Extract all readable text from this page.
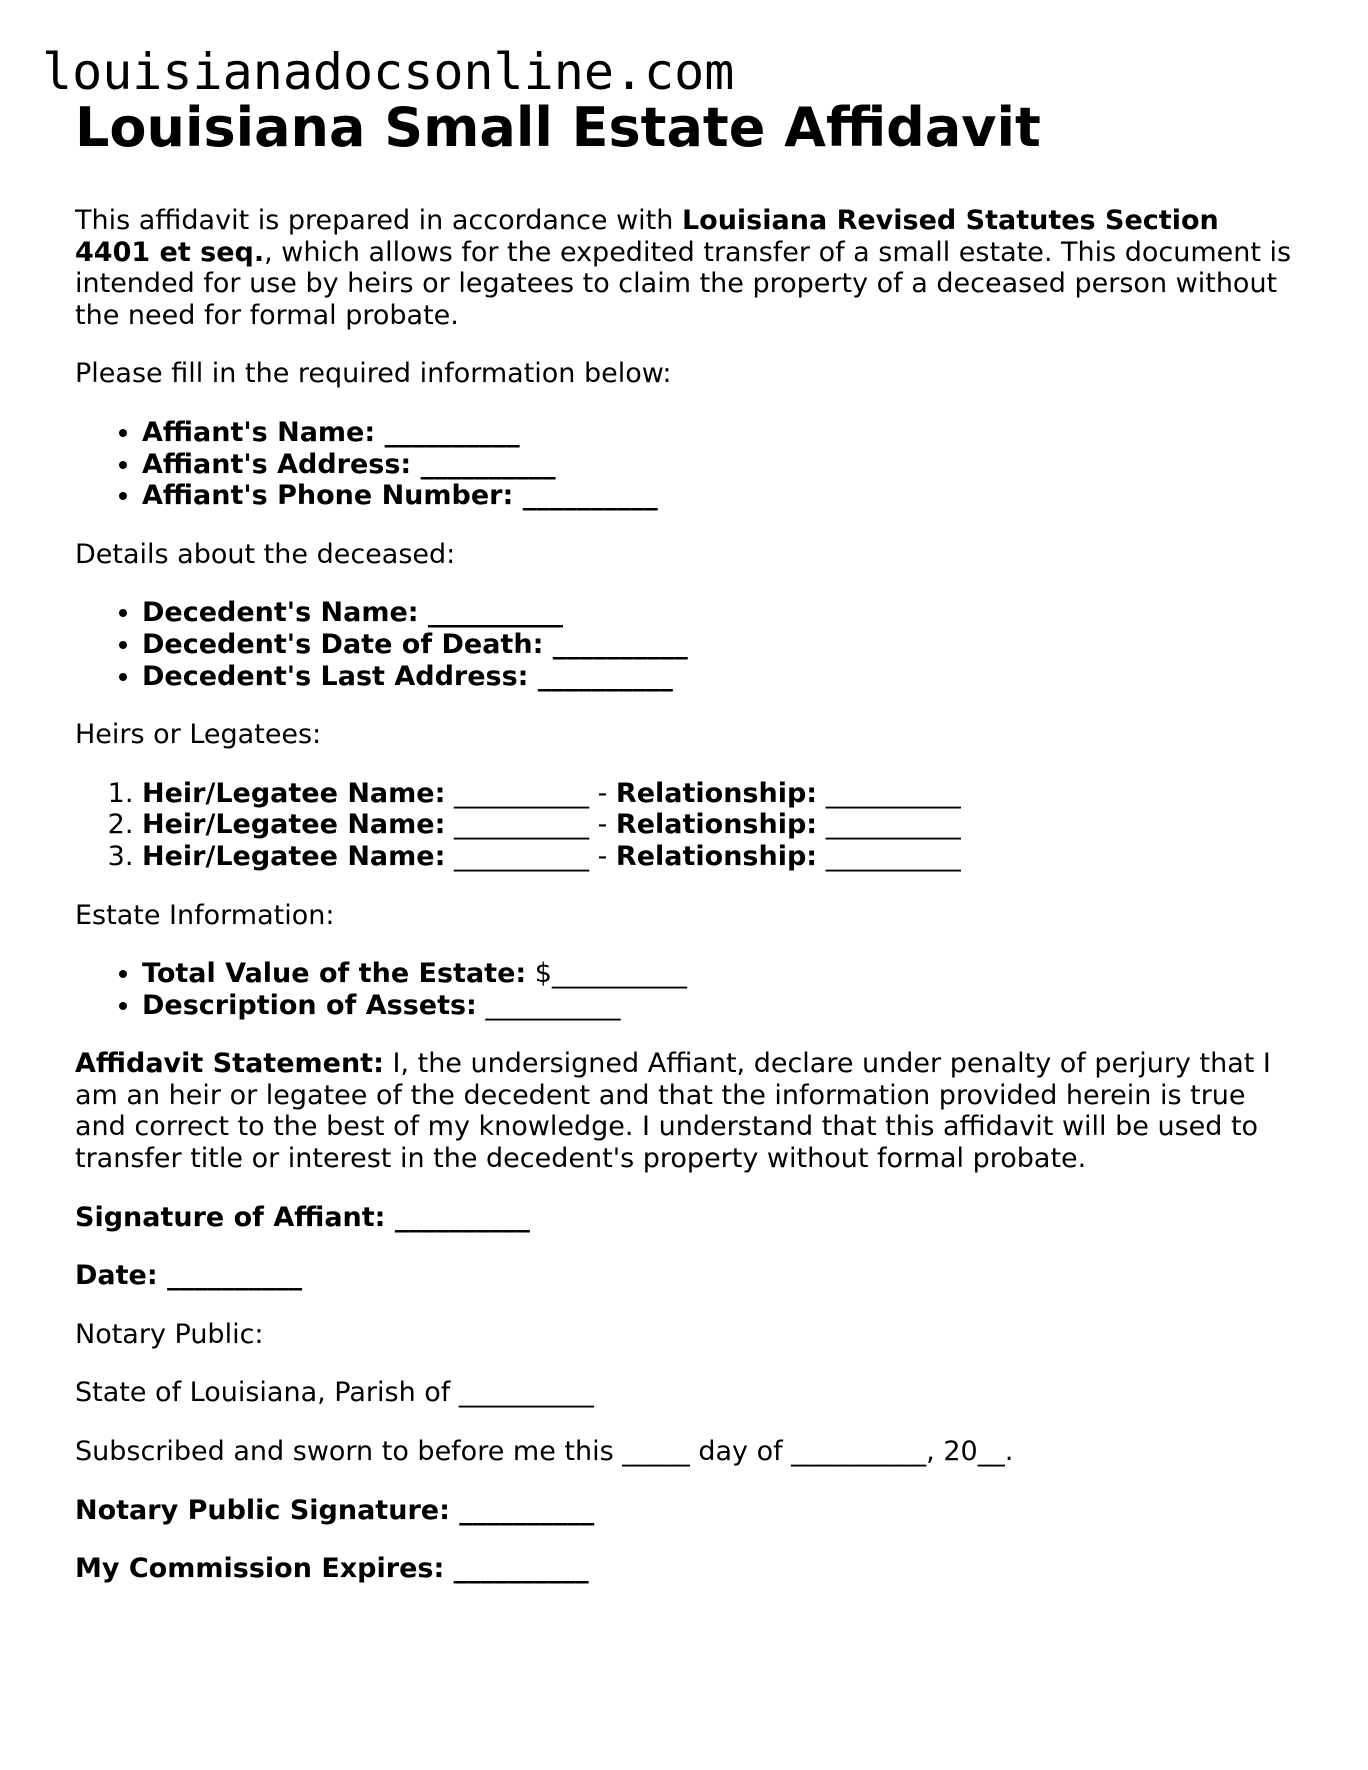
louisianadocsonline.com
Louisiana Small Estate Affidavit

This affidavit is prepared in accordance with Louisiana Revised Statutes Section 4401 et seq., which allows for the expedited transfer of a small estate. This document is intended for use by heirs or legatees to claim the property of a deceased person without the need for formal probate.

Please fill in the required information below:

• Affiant's Name: __________
• Affiant's Address: __________
• Affiant's Phone Number: __________

Details about the deceased:

• Decedent's Name: __________
• Decedent's Date of Death: __________
• Decedent's Last Address: __________

Heirs or Legatees:

1. Heir/Legatee Name: __________ - Relationship: __________
2. Heir/Legatee Name: __________ - Relationship: __________
3. Heir/Legatee Name: __________ - Relationship: __________

Estate Information:

• Total Value of the Estate: $__________
• Description of Assets: __________

Affidavit Statement: I, the undersigned Affiant, declare under penalty of perjury that I am an heir or legatee of the decedent and that the information provided herein is true and correct to the best of my knowledge. I understand that this affidavit will be used to transfer title or interest in the decedent's property without formal probate.

Signature of Affiant: __________

Date: __________

Notary Public:

State of Louisiana, Parish of __________

Subscribed and sworn to before me this _____ day of __________, 20__.

Notary Public Signature: __________

My Commission Expires: __________
